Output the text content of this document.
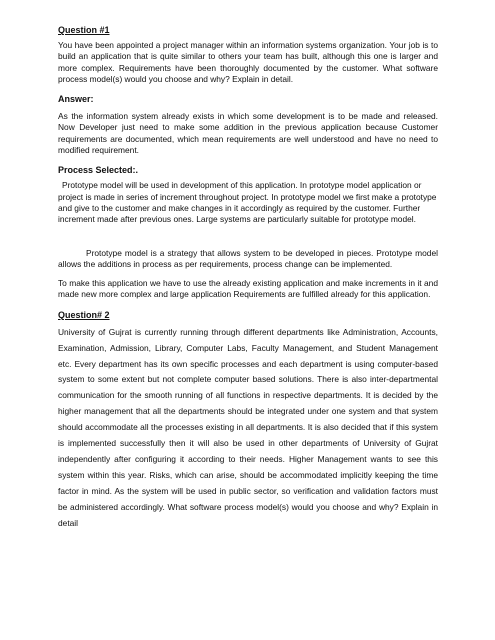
Question #1

You have been appointed a project manager within an information systems organization. Your job is to build an application that is quite similar to others your team has built, although this one is larger and more complex. Requirements have been thoroughly documented by the customer. What software process model(s) would you choose and why? Explain in detail.

Answer:

As the information system already exists in which some development is to be made and released. Now Developer just need to make some addition in the previous application because Customer requirements are documented, which mean requirements are well understood and have no need to modified requirement.

Process Selected:.

Prototype model will be used in development of this application. In prototype model application or project is made in series of increment throughout project. In prototype model we first make a prototype and give to the customer and make changes in it accordingly as required by the customer. Further increment made after previous ones. Large systems are particularly suitable for prototype model.

Prototype model is a strategy that allows system to be developed in pieces. Prototype model allows the additions in process as per requirements, process change can be implemented.

To make this application we have to use the already existing application and make increments in it and made new more complex and large application Requirements are fulfilled already for this application.

Question# 2

University of Gujrat is currently running through different departments like Administration, Accounts, Examination, Admission, Library, Computer Labs, Faculty Management, and Student Management etc. Every department has its own specific processes and each department is using computer-based system to some extent but not complete computer based solutions. There is also inter-departmental communication for the smooth running of all functions in respective departments. It is decided by the higher management that all the departments should be integrated under one system and that system should accommodate all the processes existing in all departments. It is also decided that if this system is implemented successfully then it will also be used in other departments of University of Gujrat independently after configuring it according to their needs. Higher Management wants to see this system within this year. Risks, which can arise, should be accommodated implicitly keeping the time factor in mind. As the system will be used in public sector, so verification and validation factors must be administered accordingly. What software process model(s) would you choose and why? Explain in detail
